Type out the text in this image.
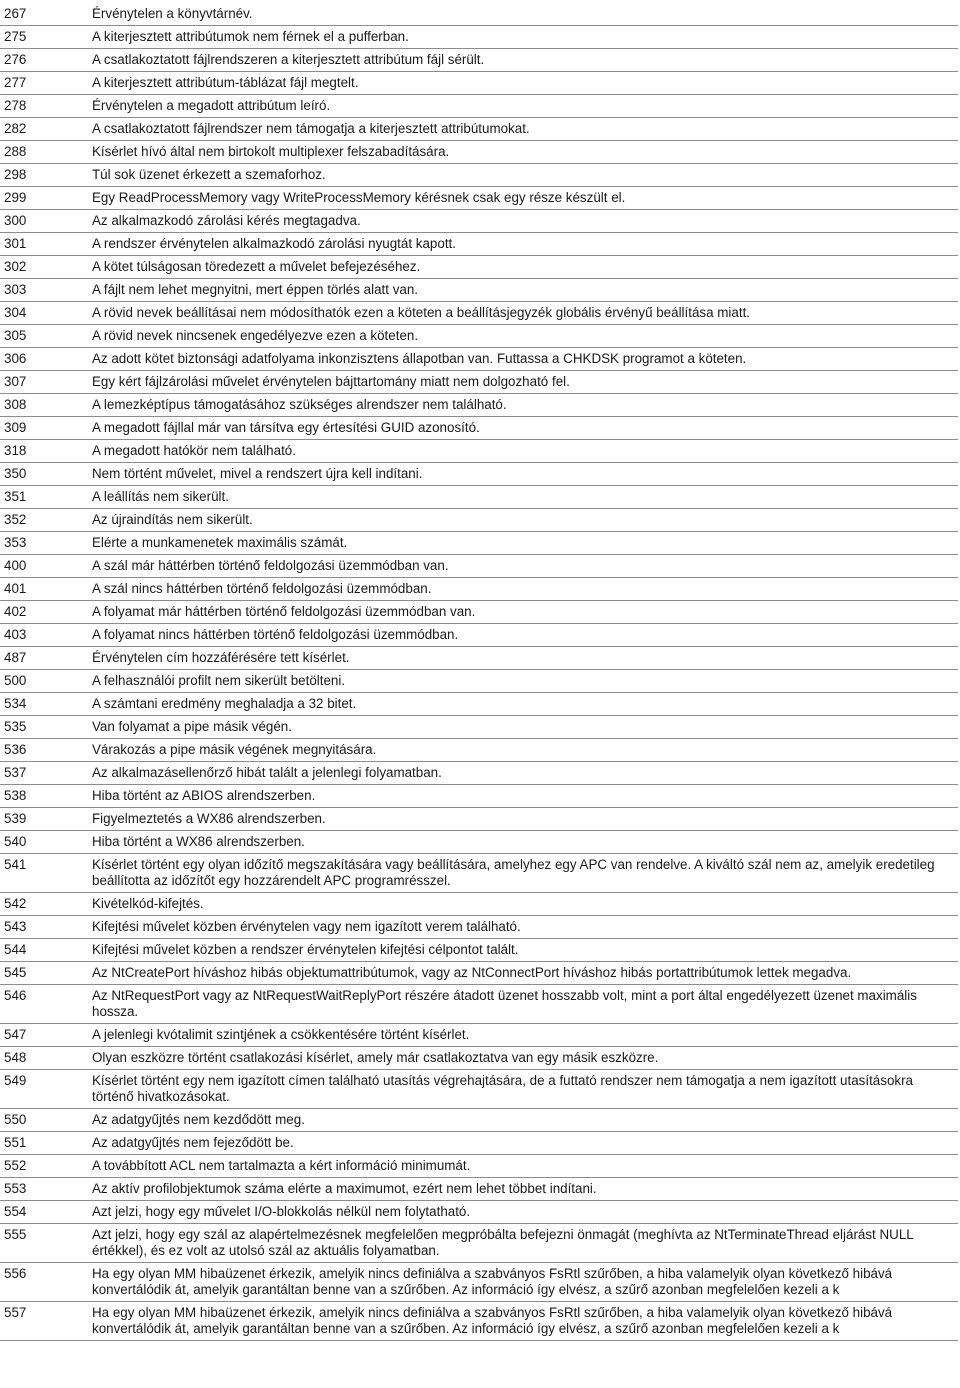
267	Érvénytelen a könyvtárnév.
275	A kiterjesztett attribútumok nem férnek el a pufferban.
276	A csatlakoztatott fájlrendszeren a kiterjesztett attribútum fájl sérült.
277	A kiterjesztett attribútum-táblázat fájl megtelt.
278	Érvénytelen a megadott attribútum leíró.
282	A csatlakoztatott fájlrendszer nem támogatja a kiterjesztett attribútumokat.
288	Kísérlet hívó által nem birtokolt multiplexer felszabadítására.
298	Túl sok üzenet érkezett a szemaforhoz.
299	Egy ReadProcessMemory vagy WriteProcessMemory kérésnek csak egy része készült el.
300	Az alkalmazkodó zárolási kérés megtagadva.
301	A rendszer érvénytelen alkalmazkodó zárolási nyugtát kapott.
302	A kötet túlságosan töredezett a művelet befejezéséhez.
303	A fájlt nem lehet megnyitni, mert éppen törlés alatt van.
304	A rövid nevek beállításai nem módosíthatók ezen a köteten a beállításjegyzék globális érvényű beállítása miatt.
305	A rövid nevek nincsenek engedélyezve ezen a köteten.
306	Az adott kötet biztonsági adatfolyama inkonzisztens állapotban van. Futtassa a CHKDSK programot a köteten.
307	Egy kért fájlzárolási művelet érvénytelen bájttartomány miatt nem dolgozható fel.
308	A lemezképtípus támogatásához szükséges alrendszer nem található.
309	A megadott fájllal már van társítva egy értesítési GUID azonosító.
318	A megadott hatókör nem található.
350	Nem történt művelet, mivel a rendszert újra kell indítani.
351	A leállítás nem sikerült.
352	Az újraindítás nem sikerült.
353	Elérte a munkamenetek maximális számát.
400	A szál már háttérben történő feldolgozási üzemmódban van.
401	A szál nincs háttérben történő feldolgozási üzemmódban.
402	A folyamat már háttérben történő feldolgozási üzemmódban van.
403	A folyamat nincs háttérben történő feldolgozási üzemmódban.
487	Érvénytelen cím hozzáférésére tett kísérlet.
500	A felhasználói profilt nem sikerült betölteni.
534	A számtani eredmény meghaladja a 32 bitet.
535	Van folyamat a pipe másik végén.
536	Várakozás a pipe másik végének megnyitására.
537	Az alkalmazásellenőrző hibát talált a jelenlegi folyamatban.
538	Hiba történt az ABIOS alrendszerben.
539	Figyelmeztetés a WX86 alrendszerben.
540	Hiba történt a WX86 alrendszerben.
541	Kísérlet történt egy olyan időzítő megszakítására vagy beállítására, amelyhez egy APC van rendelve. A kiváltó szál nem az, amelyik eredetileg beállította az időzítőt egy hozzárendelt APC programrésszel.
542	Kivételkód-kifejtés.
543	Kifejtési művelet közben érvénytelen vagy nem igazított verem található.
544	Kifejtési művelet közben a rendszer érvénytelen kifejtési célpontot talált.
545	Az NtCreatePort híváshoz hibás objektumattribútumok, vagy az NtConnectPort híváshoz hibás portattribútumok lettek megadva.
546	Az NtRequestPort vagy az NtRequestWaitReplyPort részére átadott üzenet hosszabb volt, mint a port által engedélyezett üzenet maximális hossza.
547	A jelenlegi kvótalimit szintjének a csökkentésére történt kísérlet.
548	Olyan eszközre történt csatlakozási kísérlet, amely már csatlakoztatva van egy másik eszközre.
549	Kísérlet történt egy nem igazított címen található utasítás végrehajtására, de a futtató rendszer nem támogatja a nem igazított utasításokra történő hivatkozásokat.
550	Az adatgyűjtés nem kezdődött meg.
551	Az adatgyűjtés nem fejeződött be.
552	A továbbított ACL nem tartalmazta a kért információ minimumát.
553	Az aktív profilobjektumok száma elérte a maximumot, ezért nem lehet többet indítani.
554	Azt jelzi, hogy egy művelet I/O-blokkolás nélkül nem folytatható.
555	Azt jelzi, hogy egy szál az alapértelmezésnek megfelelően megpróbálta befejezni önmagát (meghívta az NtTerminateThread eljárást NULL értékkel), és ez volt az utolsó szál az aktuális folyamatban.
556	Ha egy olyan MM hibaüzenet érkezik, amelyik nincs definiálva a szabványos FsRtl szűrőben, a hiba valamelyik olyan következő hibává konvertálódik át, amelyik garantáltan benne van a szűrőben. Az információ így elvész, a szűrő azonban megfelelően kezeli a k
557	Ha egy olyan MM hibaüzenet érkezik, amelyik nincs definiálva a szabványos FsRtl szűrőben, a hiba valamelyik olyan következő hibává konvertálódik át, amelyik garantáltan benne van a szűrőben. Az információ így elvész, a szűrő azonban megfelelően kezeli a k
